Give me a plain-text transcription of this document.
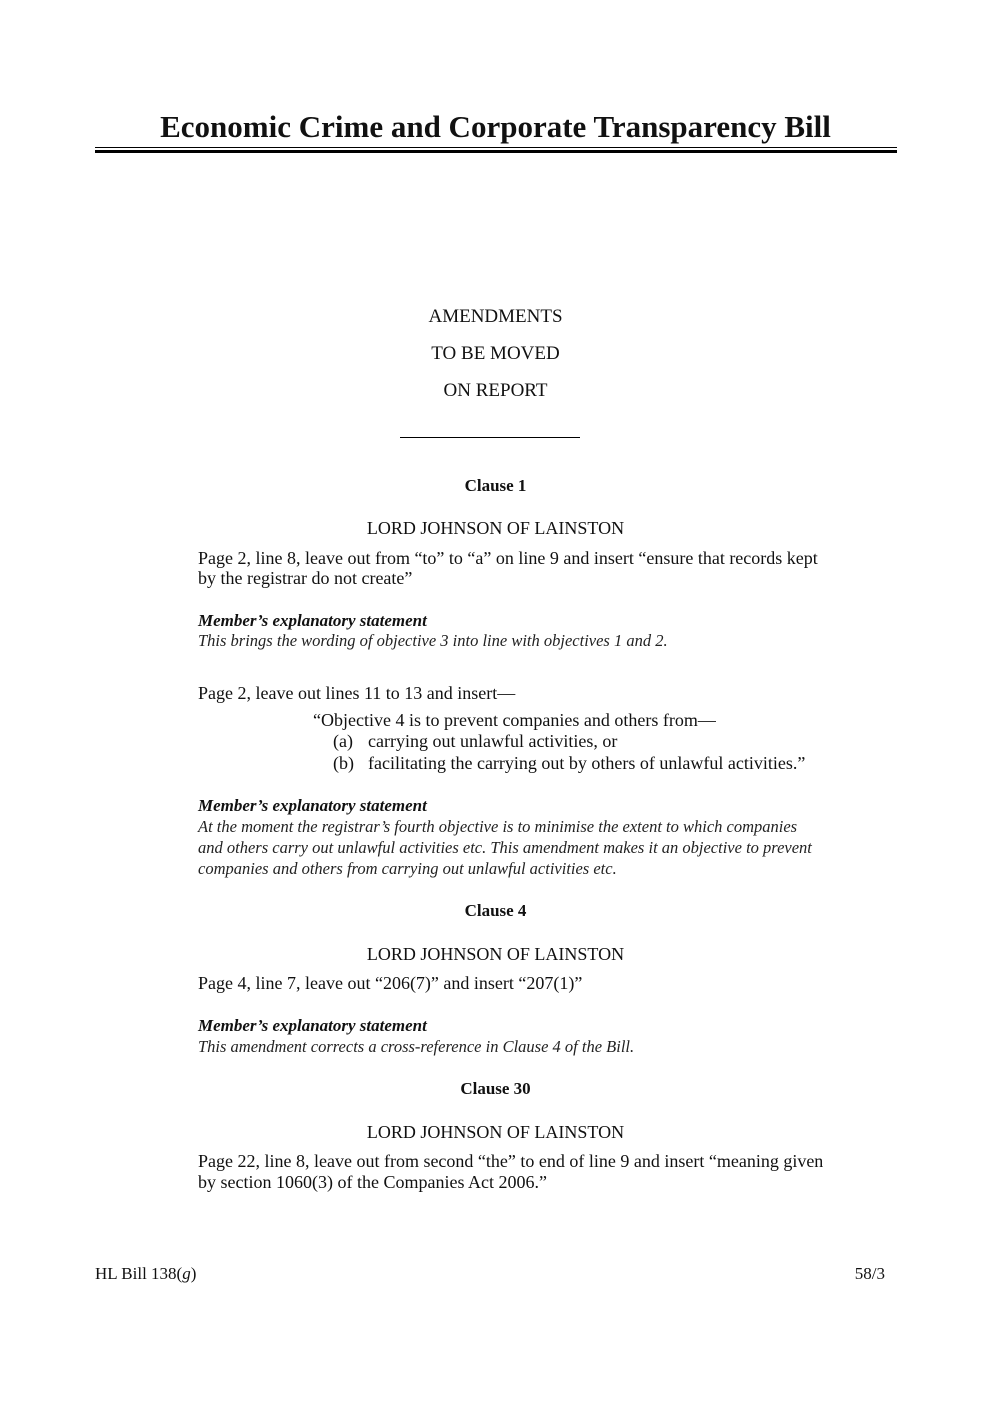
Economic Crime and Corporate Transparency Bill
AMENDMENTS
TO BE MOVED
ON REPORT
Clause 1
LORD JOHNSON OF LAINSTON
Page 2, line 8, leave out from “to” to “a” on line 9 and insert “ensure that records kept
by the registrar do not create”
Member’s explanatory statement
This brings the wording of objective 3 into line with objectives 1 and 2.
Page 2, leave out lines 11 to 13 and insert—
“Objective 4 is to prevent companies and others from—
(a) carrying out unlawful activities, or
(b) facilitating the carrying out by others of unlawful activities.”
Member’s explanatory statement
At the moment the registrar’s fourth objective is to minimise the extent to which companies
and others carry out unlawful activities etc. This amendment makes it an objective to prevent
companies and others from carrying out unlawful activities etc.
Clause 4
LORD JOHNSON OF LAINSTON
Page 4, line 7, leave out “206(7)” and insert “207(1)”
Member’s explanatory statement
This amendment corrects a cross-reference in Clause 4 of the Bill.
Clause 30
LORD JOHNSON OF LAINSTON
Page 22, line 8, leave out from second “the” to end of line 9 and insert “meaning given
by section 1060(3) of the Companies Act 2006.”
HL Bill 138(g)	58/3
